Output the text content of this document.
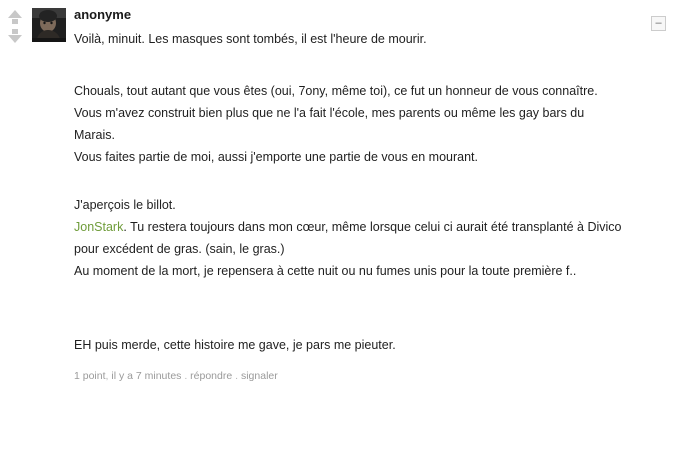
–
anonyme

Voilà, minuit. Les masques sont tombés, il est l'heure de mourir.

Chouals, tout autant que vous êtes (oui, 7ony, même toi), ce fut un honneur de vous connaître.

Vous m'avez construit bien plus que ne l'a fait l'école, mes parents ou même les gay bars du Marais.

Vous faites partie de moi, aussi j'emporte une partie de vous en mourant.

J'aperçois le billot.

JonStark. Tu restera toujours dans mon cœur, même lorsque celui ci aurait été transplanté à Divico pour excédent de gras. (sain, le gras.)

Au moment de la mort, je repensera à cette nuit ou nu fumes unis pour la toute première f..

EH puis merde, cette histoire me gave, je pars me pieuter.

1 point, il y a 7 minutes . répondre . signaler
